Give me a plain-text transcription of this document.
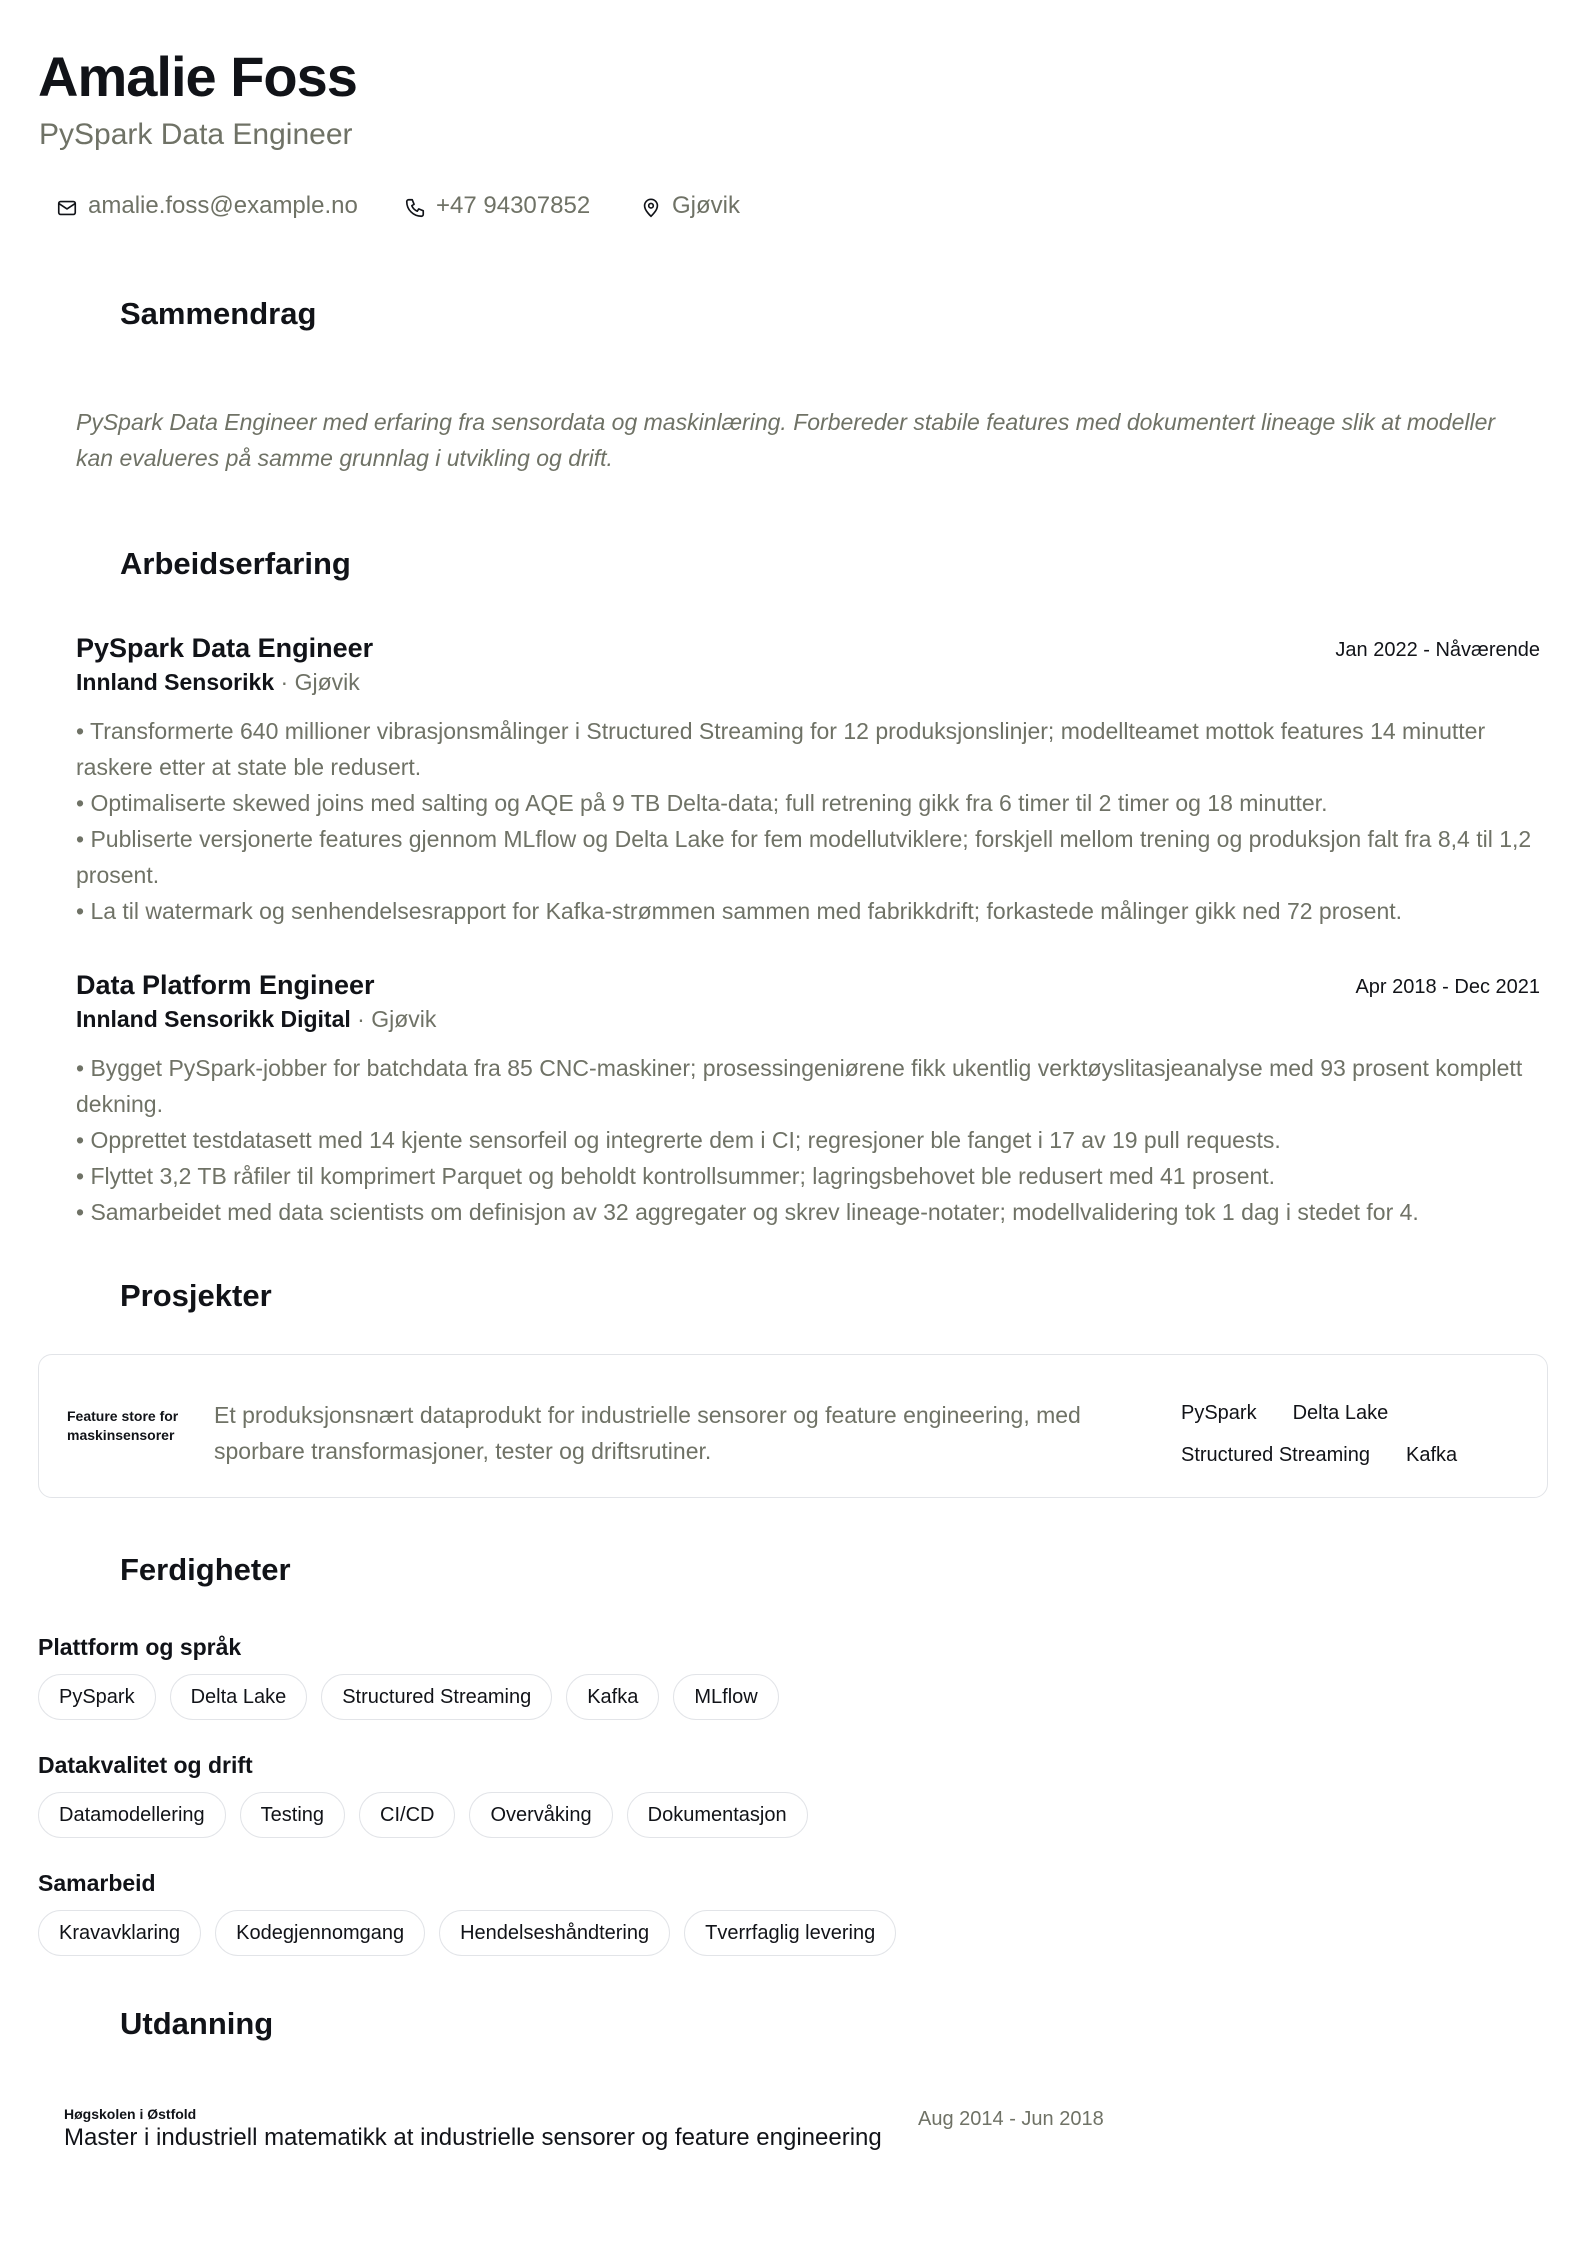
Amalie Foss
PySpark Data Engineer
amalie.foss@example.no	+47 94307852	Gjøvik
Sammendrag

PySpark Data Engineer med erfaring fra sensordata og maskinlæring. Forbereder stabile features med dokumentert lineage slik at modeller kan evalueres på samme grunnlag i utvikling og drift.

Arbeidserfaring
PySpark Data Engineer	Jan 2022 - Nåværende
Innland Sensorikk · Gjøvik
• Transformerte 640 millioner vibrasjonsmålinger i Structured Streaming for 12 produksjonslinjer; modellteamet mottok features 14 minutter raskere etter at state ble redusert.
• Optimaliserte skewed joins med salting og AQE på 9 TB Delta-data; full retrening gikk fra 6 timer til 2 timer og 18 minutter.
• Publiserte versjonerte features gjennom MLflow og Delta Lake for fem modellutviklere; forskjell mellom trening og produksjon falt fra 8,4 til 1,2 prosent.
• La til watermark og senhendelsesrapport for Kafka-strømmen sammen med fabrikkdrift; forkastede målinger gikk ned 72 prosent.
Data Platform Engineer	Apr 2018 - Dec 2021
Innland Sensorikk Digital · Gjøvik
• Bygget PySpark-jobber for batchdata fra 85 CNC-maskiner; prosessingeniørene fikk ukentlig verktøyslitasjeanalyse med 93 prosent komplett dekning.
• Opprettet testdatasett med 14 kjente sensorfeil og integrerte dem i CI; regresjoner ble fanget i 17 av 19 pull requests.
• Flyttet 3,2 TB råfiler til komprimert Parquet og beholdt kontrollsummer; lagringsbehovet ble redusert med 41 prosent.
• Samarbeidet med data scientists om definisjon av 32 aggregater og skrev lineage-notater; modellvalidering tok 1 dag i stedet for 4.
Prosjekter
Feature store for maskinsensorer
Et produksjonsnært dataprodukt for industrielle sensorer og feature engineering, med sporbare transformasjoner, tester og driftsrutiner.
PySpark Delta Lake
Structured Streaming Kafka
Ferdigheter
Plattform og språk
PySpark	Delta Lake	Structured Streaming	Kafka	MLflow
Datakvalitet og drift
Datamodellering	Testing	CI/CD	Overvåking	Dokumentasjon
Samarbeid
Kravavklaring	Kodegjennomgang	Hendelseshåndtering	Tverrfaglig levering
Utdanning
Høgskolen i Østfold
Master i industriell matematikk at industrielle sensorer og feature engineering
Aug 2014 - Jun 2018
